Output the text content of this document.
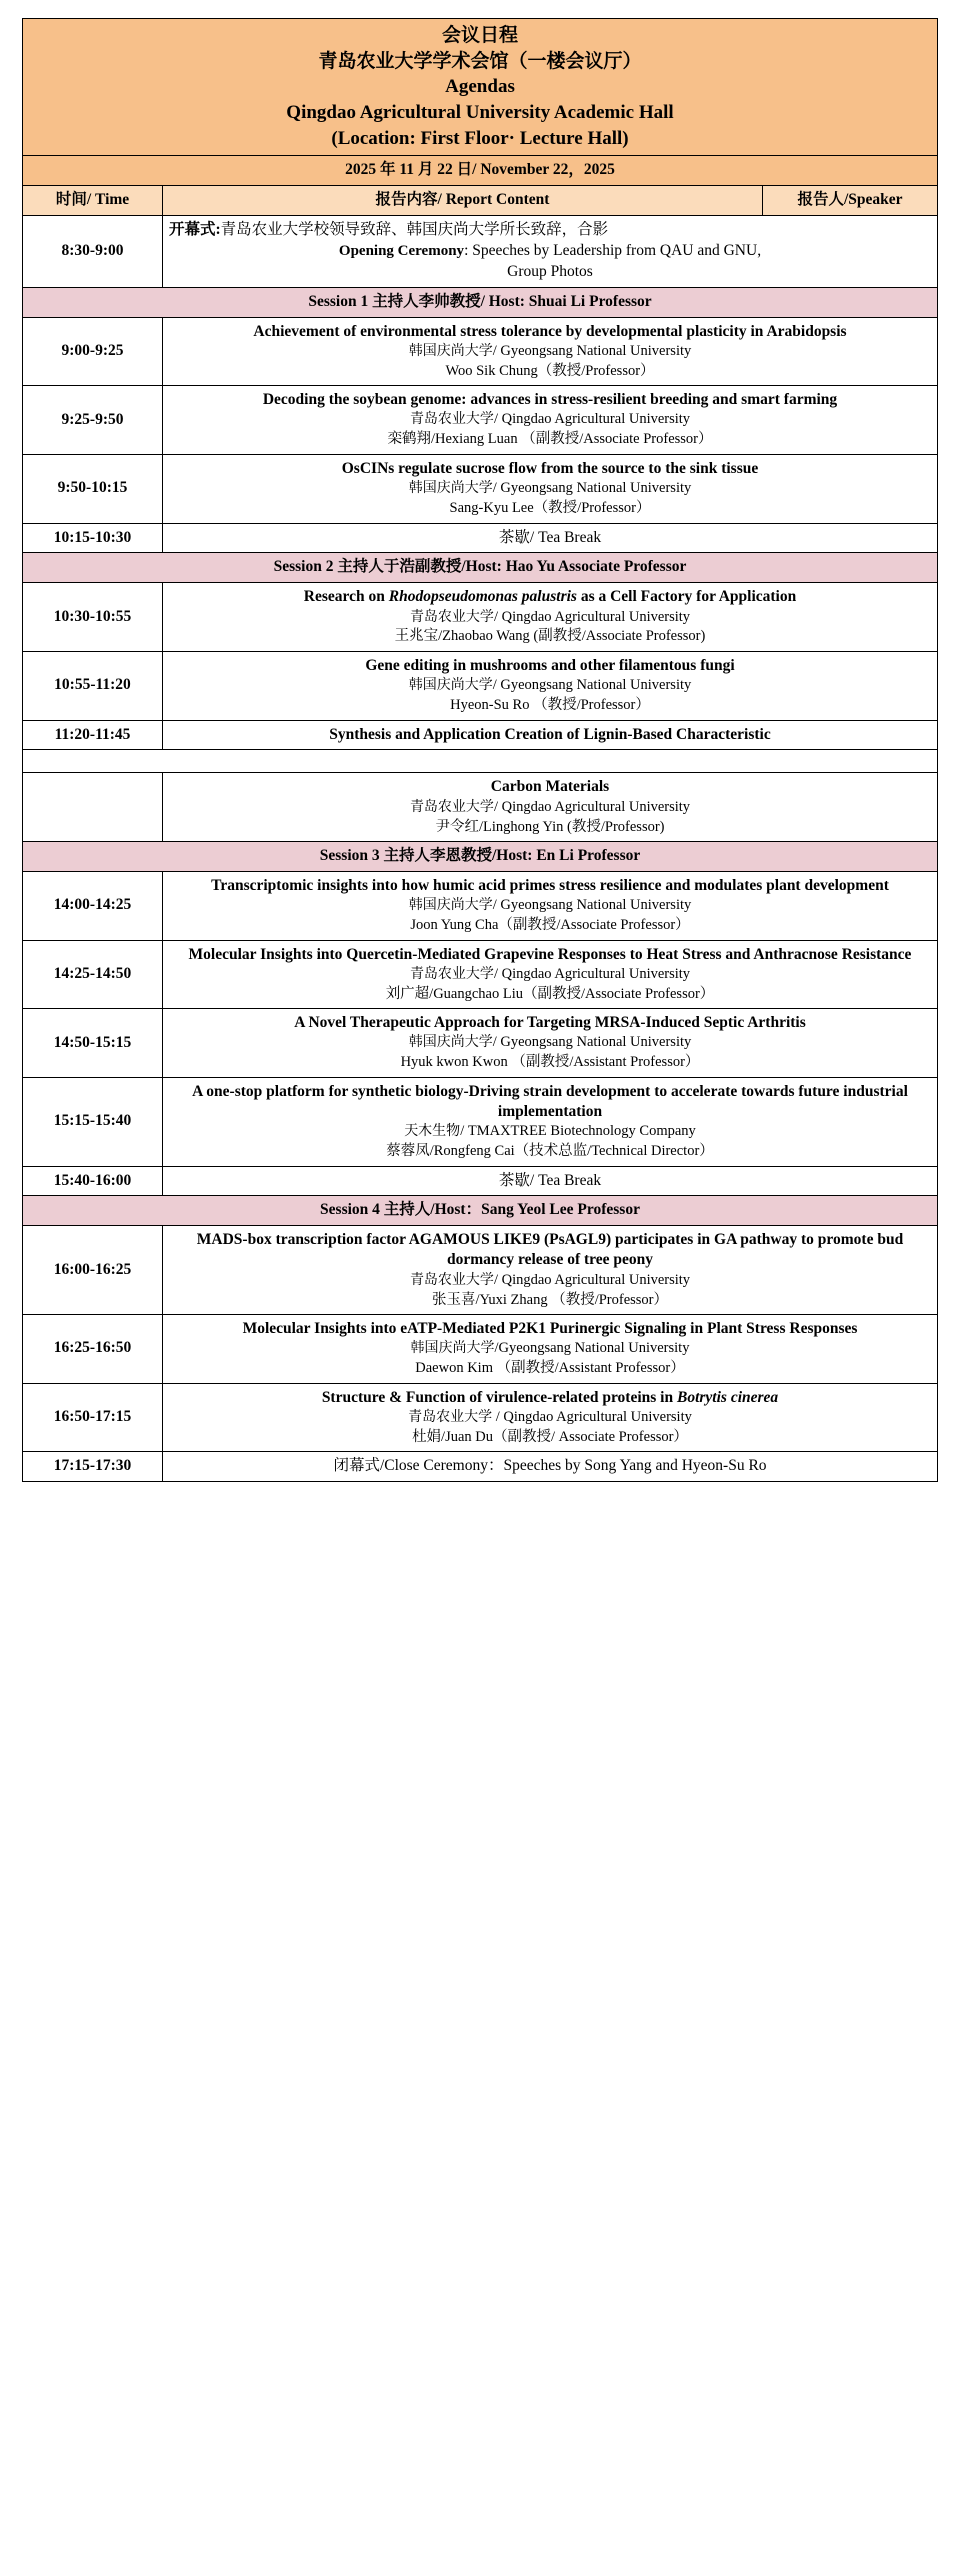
会议日程
青岛农业大学学术会馆（一楼会议厅）
Agendas
Qingdao Agricultural University Academic Hall
(Location: First Floor· Lecture Hall)		

2025 年 11 月 22 日/ November 22，2025		
时间/ Time	报告内容/ Report Content	报告人/Speaker
8:30-9:00	开幕式:青岛农业大学校领导致辞、韩国庆尚大学所长致辞，合影
Opening Ceremony: Speeches by Leadership from QAU and GNU,
Group Photos	

Session 1 主持人李帅教授/ Host: Shuai Li Professor		
9:00-9:25	Achievement of environmental stress tolerance by developmental plasticity in Arabidopsis
韩国庆尚大学/ Gyeongsang National University
Woo Sik Chung（教授/Professor）	

9:25-9:50	Decoding the soybean genome: advances in stress-resilient breeding and smart farming
青岛农业大学/ Qingdao Agricultural University
栾鹤翔/Hexiang Luan （副教授/Associate Professor）	

9:50-10:15	OsCINs regulate sucrose flow from the source to the sink tissue
韩国庆尚大学/ Gyeongsang National University
Sang-Kyu Lee（教授/Professor）	

10:15-10:30	茶歇/ Tea Break	
Session 2 主持人于浩副教授/Host: Hao Yu Associate Professor		
10:30-10:55	Research on Rhodopseudomonas palustris as a Cell Factory for Application
青岛农业大学/ Qingdao Agricultural University
王兆宝/Zhaobao Wang (副教授/Associate Professor)	

10:55-11:20	Gene editing in mushrooms and other filamentous fungi
韩国庆尚大学/ Gyeongsang National University
Hyeon-Su Ro （教授/Professor）	

11:20-11:45	Synthesis and Application Creation of Lignin-Based Characteristic	

	Carbon Materials
青岛农业大学/ Qingdao Agricultural University
尹令红/Linghong Yin (教授/Professor)	

Session 3 主持人李恩教授/Host: En Li Professor		
14:00-14:25	Transcriptomic insights into how humic acid primes stress resilience and modulates plant development
韩国庆尚大学/ Gyeongsang National University
Joon Yung Cha（副教授/Associate Professor）	

14:25-14:50	Molecular Insights into Quercetin-Mediated Grapevine Responses to Heat Stress and Anthracnose Resistance
青岛农业大学/ Qingdao Agricultural University
刘广超/Guangchao Liu（副教授/Associate Professor）	

14:50-15:15	A Novel Therapeutic Approach for Targeting MRSA-Induced Septic Arthritis
韩国庆尚大学/ Gyeongsang National University
Hyuk kwon Kwon （副教授/Assistant Professor）	

15:15-15:40	A one-stop platform for synthetic biology-Driving strain development to accelerate towards future industrial implementation
天木生物/ TMAXTREE Biotechnology Company
蔡蓉凤/Rongfeng Cai（技术总监/Technical Director）	

15:40-16:00	茶歇/ Tea Break	
Session 4 主持人/Host：Sang Yeol Lee Professor		
16:00-16:25	MADS-box transcription factor AGAMOUS LIKE9 (PsAGL9) participates in GA pathway to promote bud dormancy release of tree peony
青岛农业大学/ Qingdao Agricultural University
张玉喜/Yuxi Zhang （教授/Professor）	

16:25-16:50	Molecular Insights into eATP-Mediated P2K1 Purinergic Signaling in Plant Stress Responses
韩国庆尚大学/Gyeongsang National University
Daewon Kim （副教授/Assistant Professor）	

16:50-17:15	Structure & Function of virulence-related proteins in Botrytis cinerea
青岛农业大学 / Qingdao Agricultural University
杜娟/Juan Du（副教授/ Associate Professor）	

17:15-17:30	闭幕式/Close Ceremony：Speeches by Song Yang and Hyeon-Su Ro	
